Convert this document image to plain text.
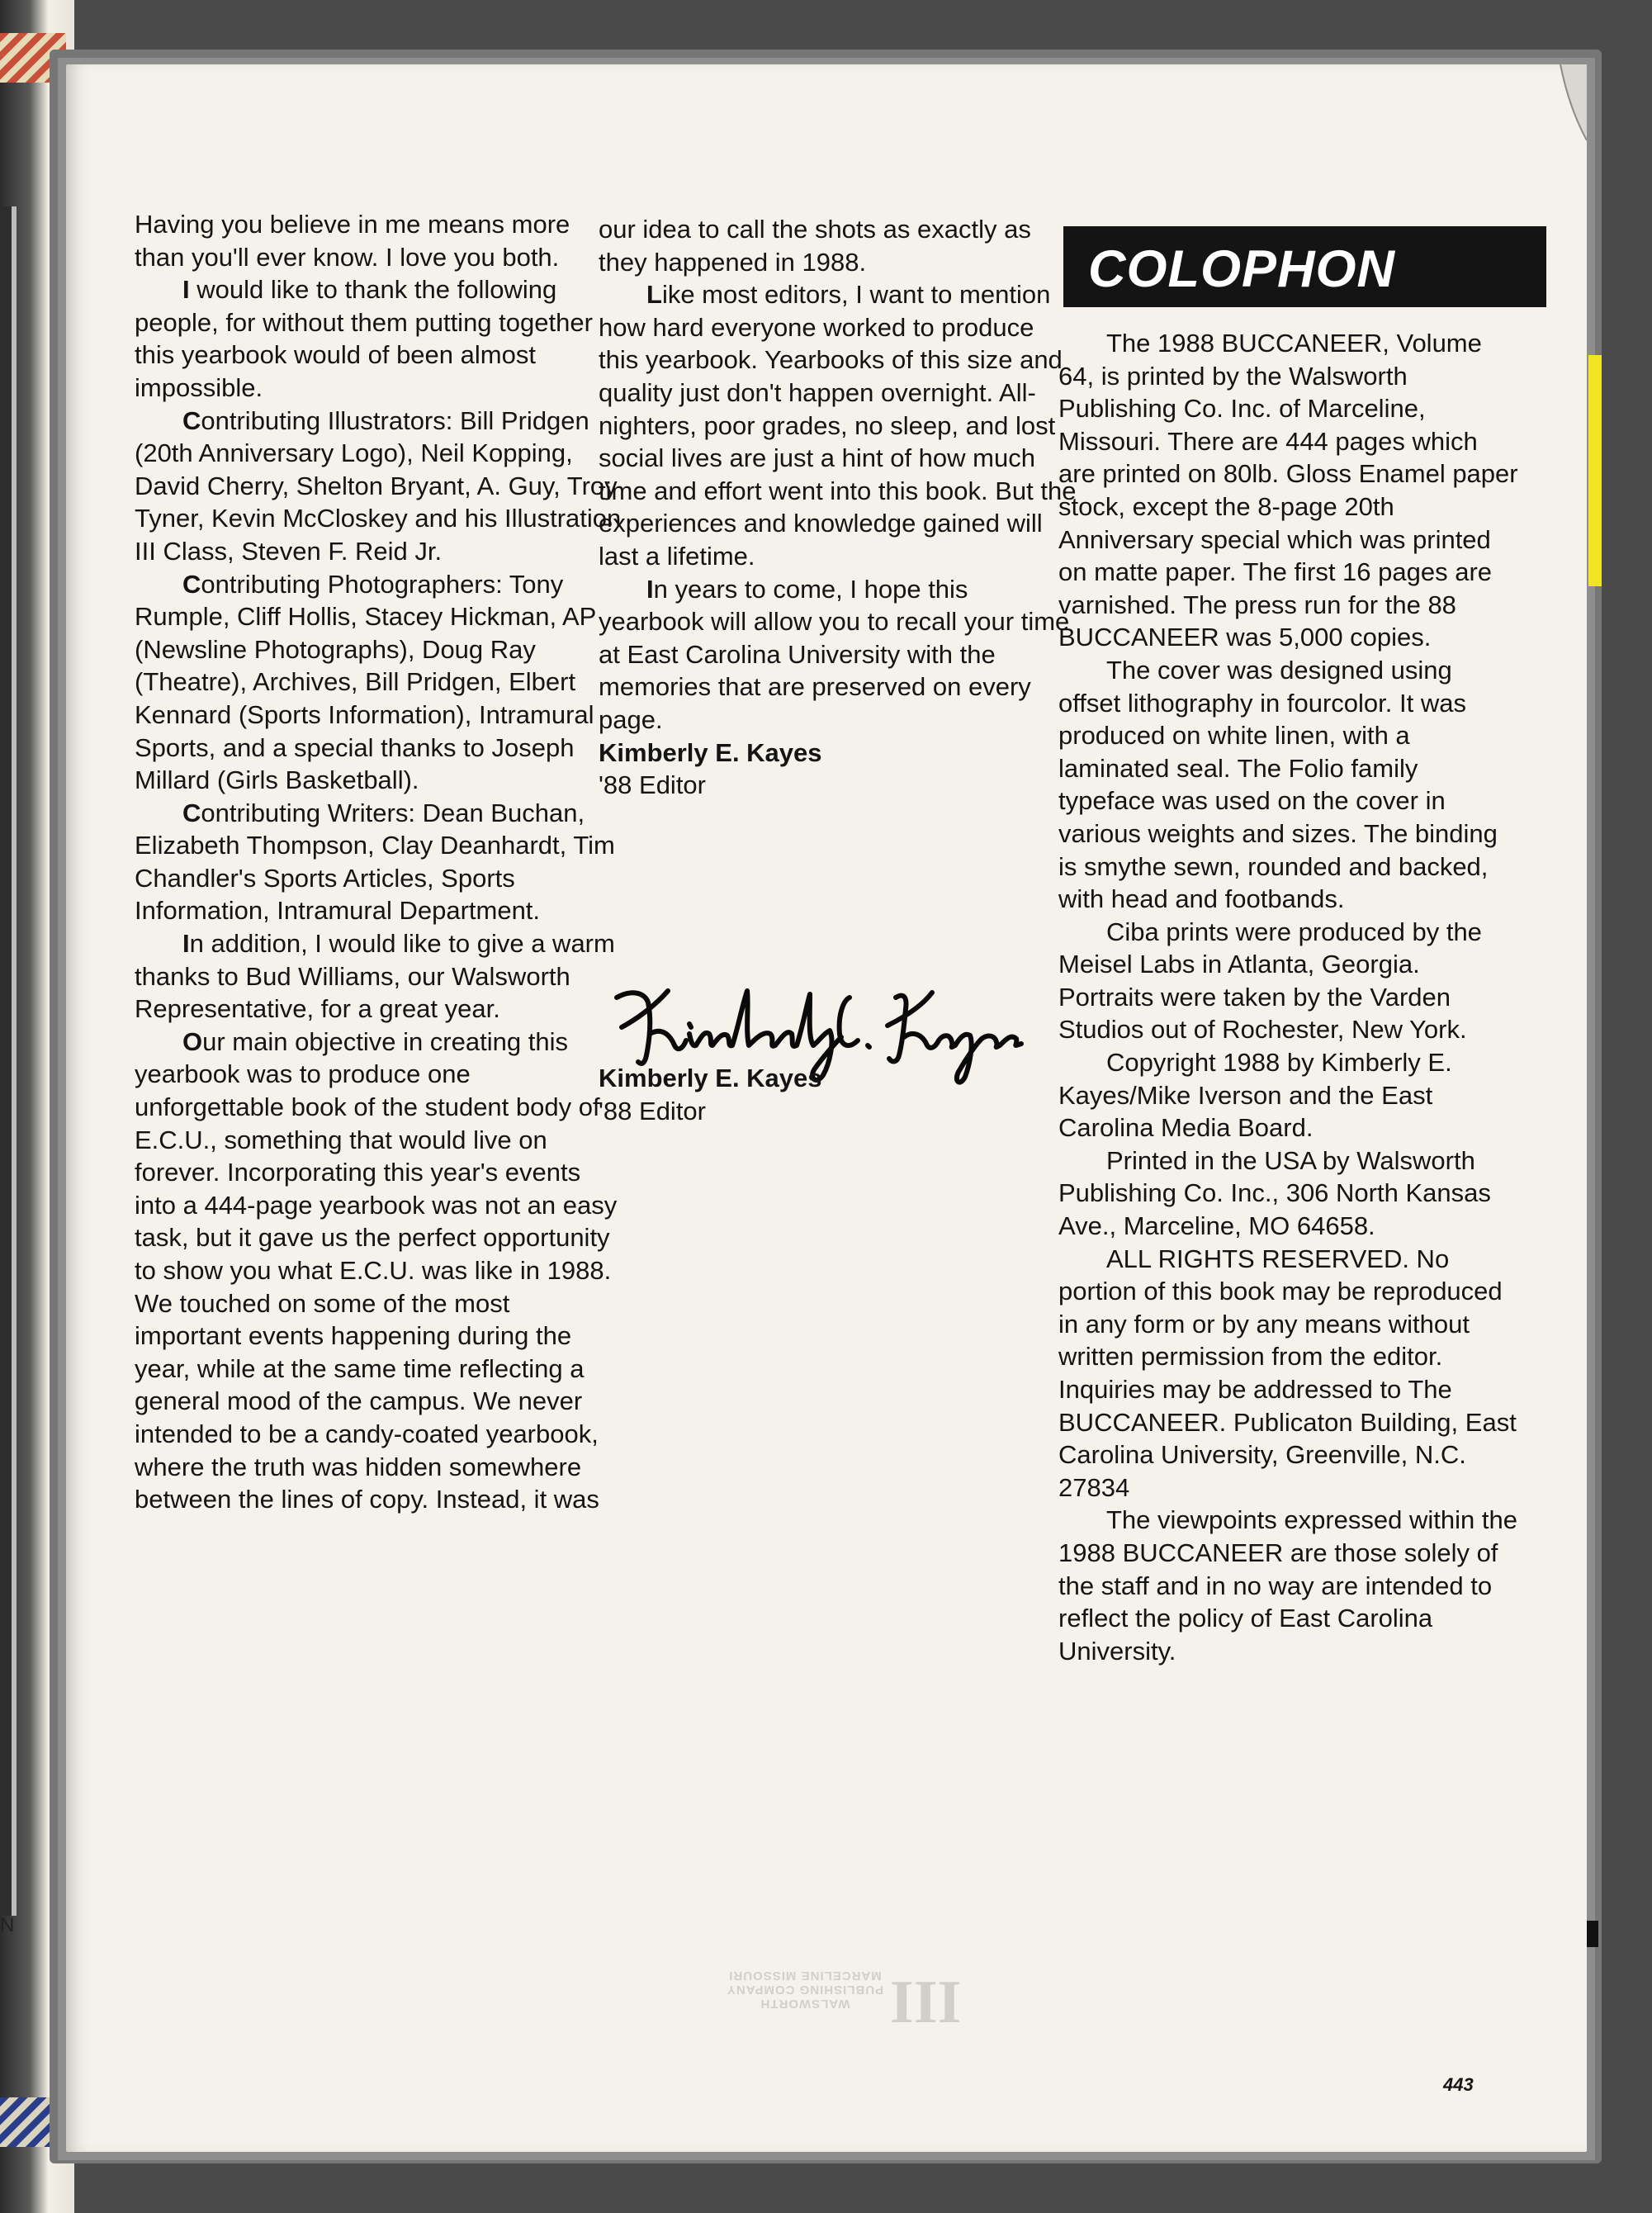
N

Having you believe in me means more than you'll ever know. I love you both.

I would like to thank the following people, for without them putting together this yearbook would of been almost impossible.

Contributing Illustrators: Bill Pridgen (20th Anniversary Logo), Neil Kopping, David Cherry, Shelton Bryant, A. Guy, Troy Tyner, Kevin McCloskey and his Illustration III Class, Steven F. Reid Jr.

Contributing Photographers: Tony Rumple, Cliff Hollis, Stacey Hickman, AP (Newsline Photographs), Doug Ray (Theatre), Archives, Bill Pridgen, Elbert Kennard (Sports Information), Intramural Sports, and a special thanks to Joseph Millard (Girls Basketball).

Contributing Writers: Dean Buchan, Elizabeth Thompson, Clay Deanhardt, Tim Chandler's Sports Articles, Sports Information, Intramural Department.

In addition, I would like to give a warm thanks to Bud Williams, our Walsworth Representative, for a great year.

Our main objective in creating this yearbook was to produce one unforgettable book of the student body of E.C.U., something that would live on forever. Incorporating this year's events into a 444-page yearbook was not an easy task, but it gave us the perfect opportunity to show you what E.C.U. was like in 1988. We touched on some of the most important events happening during the year, while at the same time reflecting a general mood of the campus. We never intended to be a candy-coated yearbook, where the truth was hidden somewhere between the lines of copy. Instead, it was

our idea to call the shots as exactly as they happened in 1988.

Like most editors, I want to mention how hard everyone worked to produce this yearbook. Yearbooks of this size and quality just don't happen overnight. All-nighters, poor grades, no sleep, and lost social lives are just a hint of how much time and effort went into this book. But the experiences and knowledge gained will last a lifetime.

In years to come, I hope this yearbook will allow you to recall your time at East Carolina University with the memories that are preserved on every page.

Kimberly E. Kayes

'88 Editor

Kimberly E. Kayes

'88 Editor

COLOPHON

The 1988 BUCCANEER, Volume 64, is printed by the Walsworth Publishing Co. Inc. of Marceline, Missouri. There are 444 pages which are printed on 80lb. Gloss Enamel paper stock, except the 8-page 20th Anniversary special which was printed on matte paper. The first 16 pages are varnished. The press run for the 88 BUCCANEER was 5,000 copies.

The cover was designed using offset lithography in fourcolor. It was produced on white linen, with a laminated seal. The Folio family typeface was used on the cover in various weights and sizes. The binding is smythe sewn, rounded and backed, with head and footbands.

Ciba prints were produced by the Meisel Labs in Atlanta, Georgia. Portraits were taken by the Varden Studios out of Rochester, New York.

Copyright 1988 by Kimberly E. Kayes/Mike Iverson and the East Carolina Media Board.

Printed in the USA by Walsworth Publishing Co. Inc., 306 North Kansas Ave., Marceline, MO 64658.

ALL RIGHTS RESERVED. No portion of this book may be reproduced in any form or by any means without written permission from the editor. Inquiries may be addressed to The BUCCANEER. Publicaton Building, East Carolina University, Greenville, N.C. 27834

The viewpoints expressed within the 1988 BUCCANEER are those solely of the staff and in no way are intended to reflect the policy of East Carolina University.

WALSWORTH PUBLISHING COMPANY MARCELINE MISSOURI III
443
